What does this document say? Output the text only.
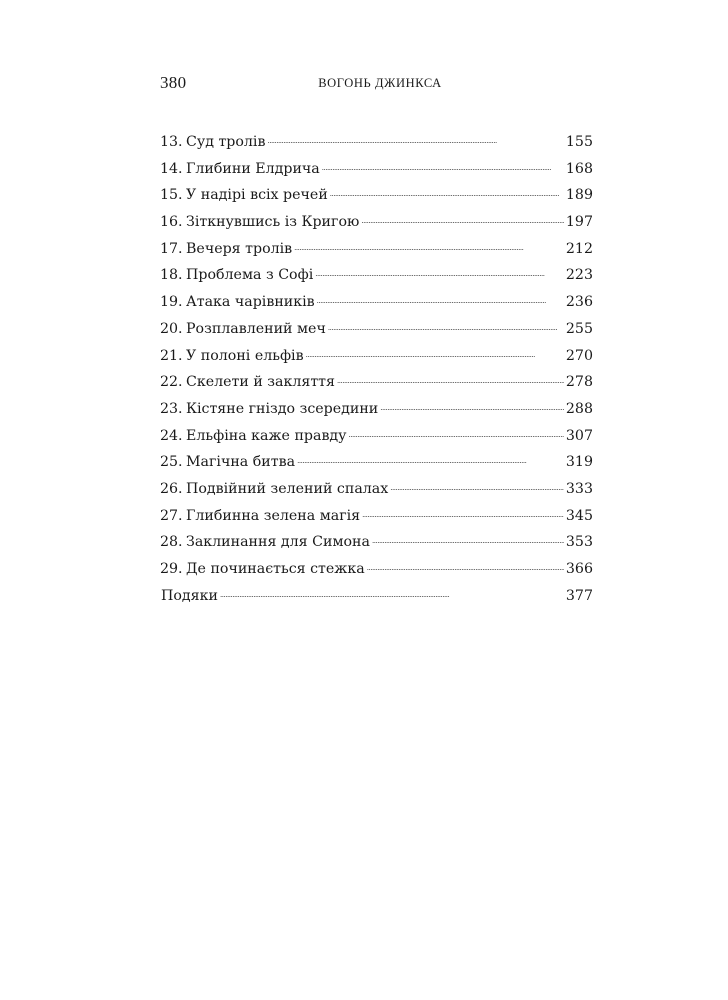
380	ВОГОНЬ ДЖИНКСА
13. Суд тролів . . .	155
14. Глибини Елдрича . . .	168
15. У надірі всіх речей . . .	189
16. Зіткнувшись із Кригою . . .	197
17. Вечеря тролів . . .	212
18. Проблема з Софі . . .	223
19. Атака чарівників . . .	236
20. Розплавлений меч . . .	255
21. У полоні ельфів . . .	270
22. Скелети й закляття . . .	278
23. Кістяне гніздо зсередини . . .	288
24. Ельфіна каже правду . . .	307
25. Магічна битва . . .	319
26. Подвійний зелений спалах . . .	333
27. Глибинна зелена магія . . .	345
28. Заклинання для Симона . . .	353
29. Де починається стежка . . .	366
Подяки . . .	377
